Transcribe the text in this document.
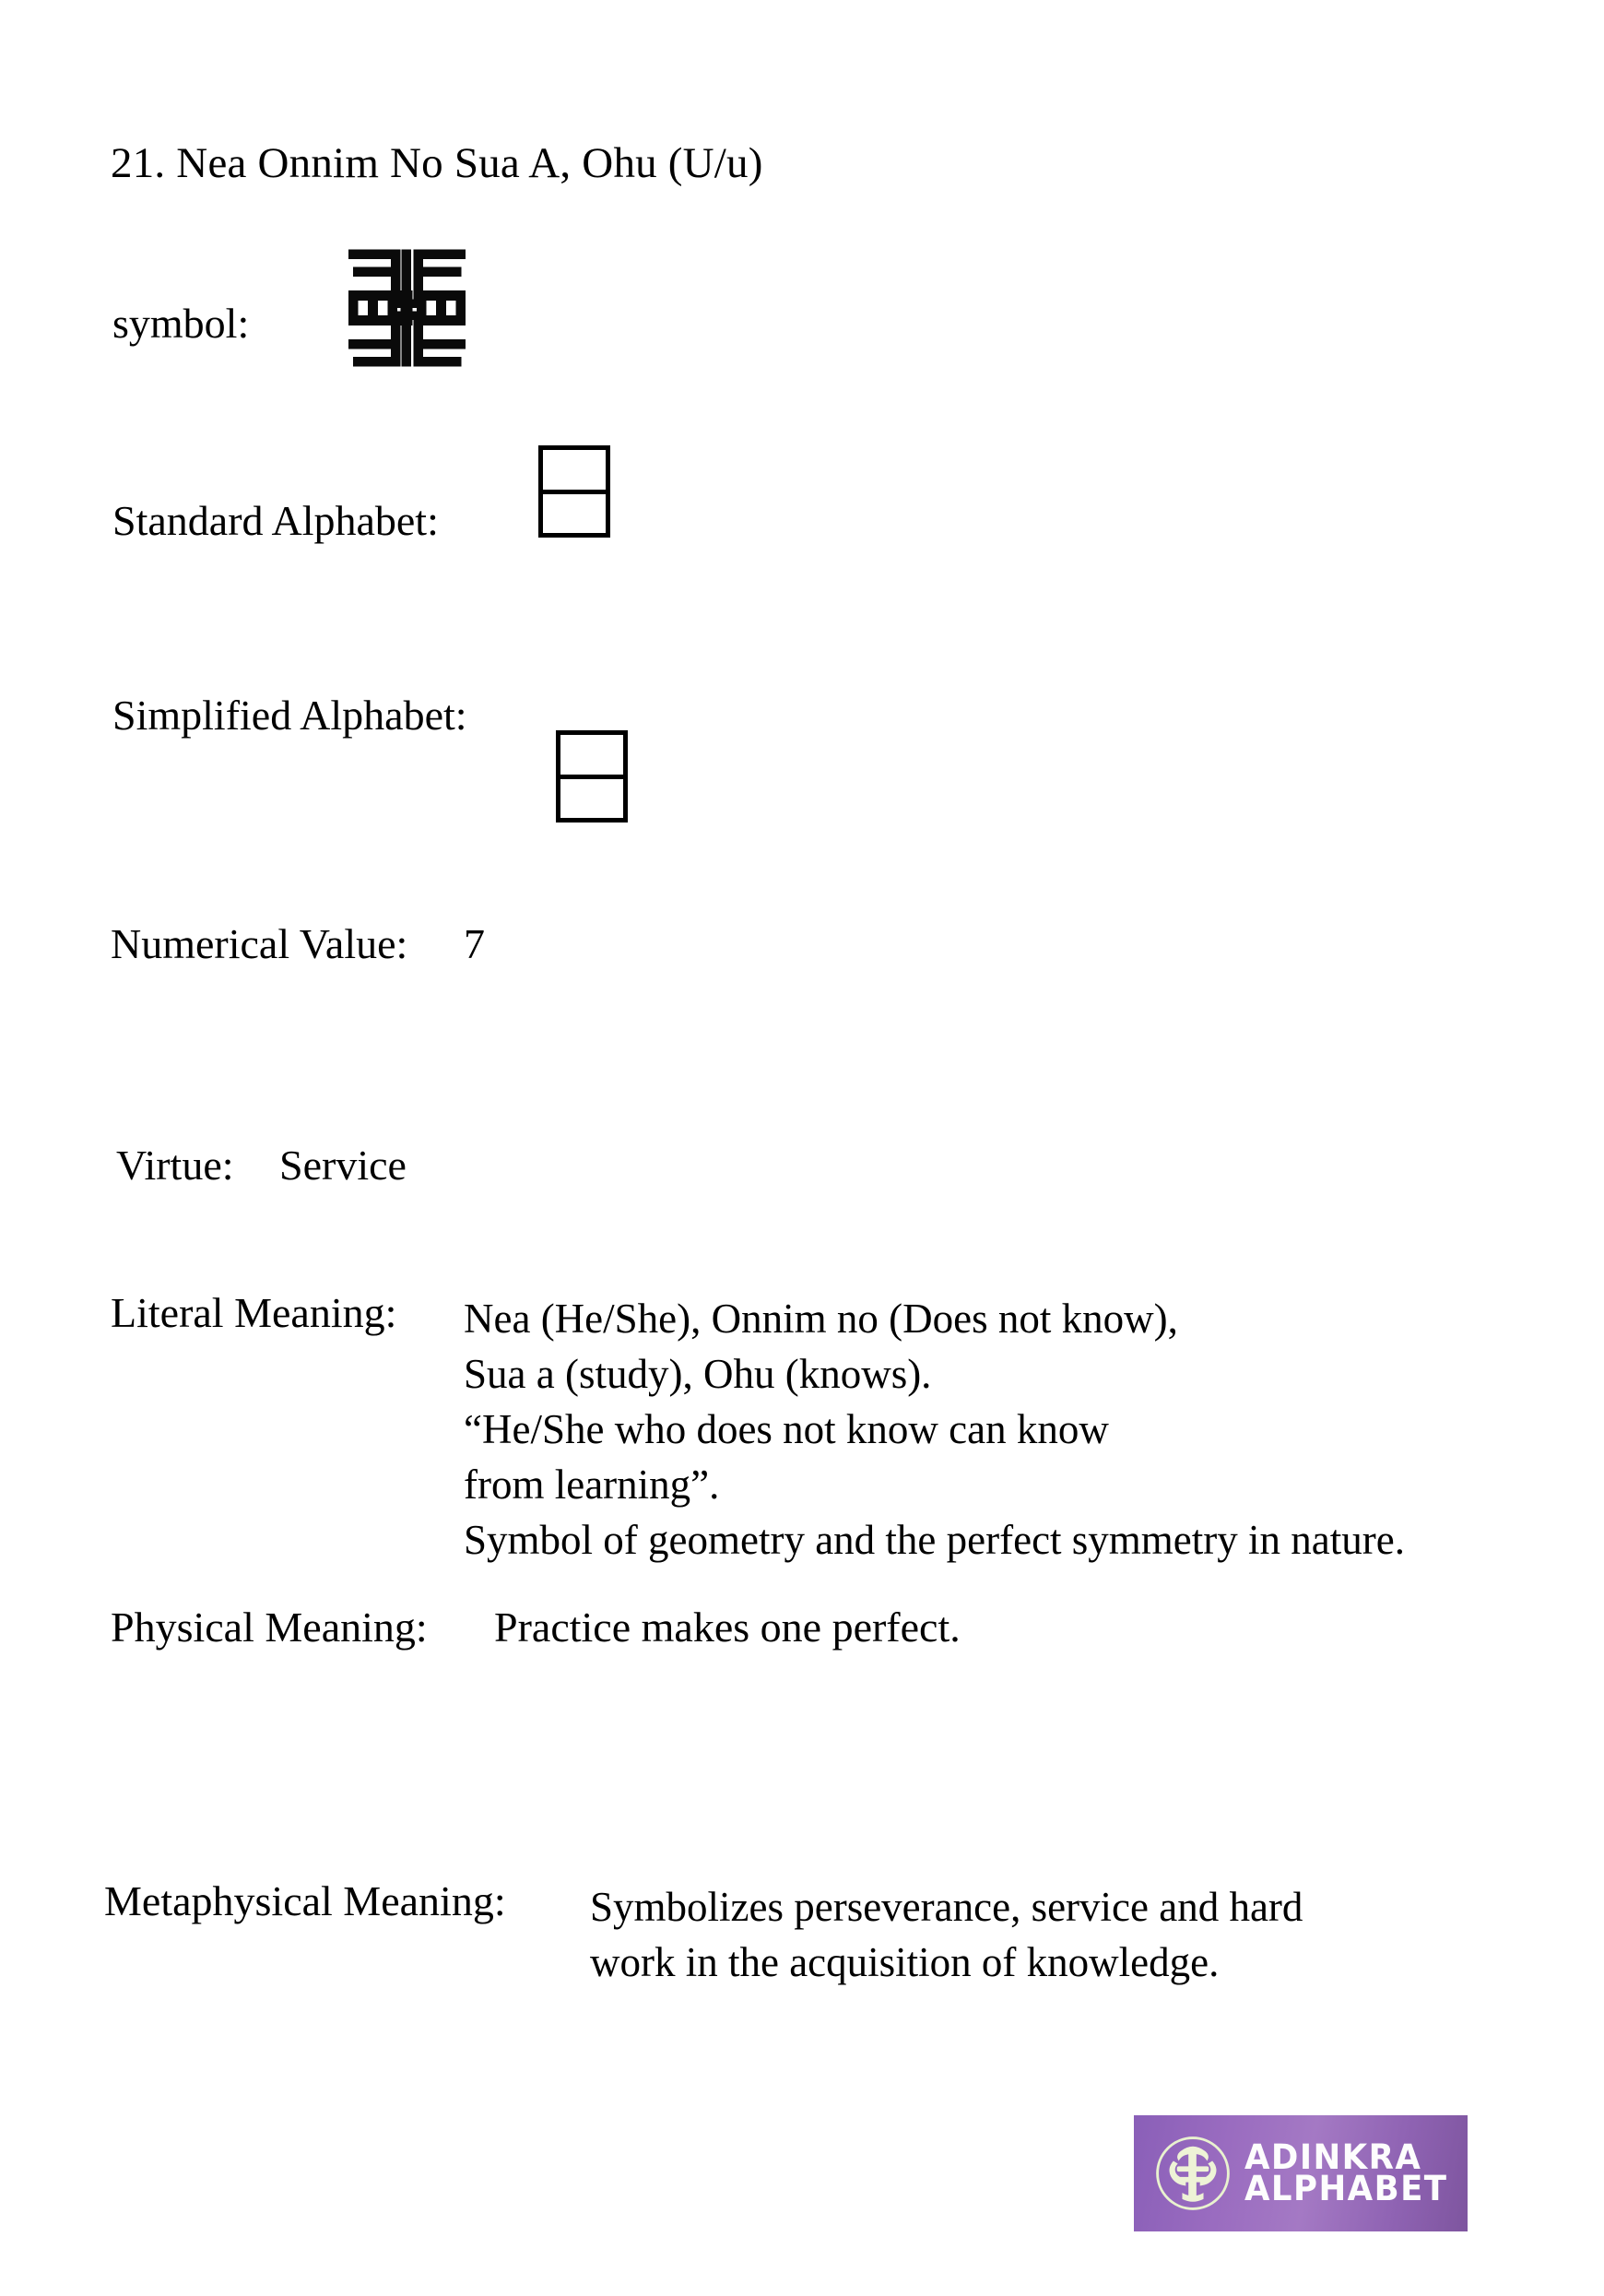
21. Nea Onnim No Sua A, Ohu (U/u)
symbol:
Standard Alphabet:
Simplified Alphabet:
Numerical Value: 7
Virtue: Service
Literal Meaning: Nea (He/She), Onnim no (Does not know),
Sua a (study), Ohu (knows).
“He/She who does not know can know
from learning”.
Symbol of geometry and the perfect symmetry in nature.
Physical Meaning: Practice makes one perfect.
Metaphysical Meaning: Symbolizes perseverance, service and hard
work in the acquisition of knowledge.
ADINKRA
ALPHABET
